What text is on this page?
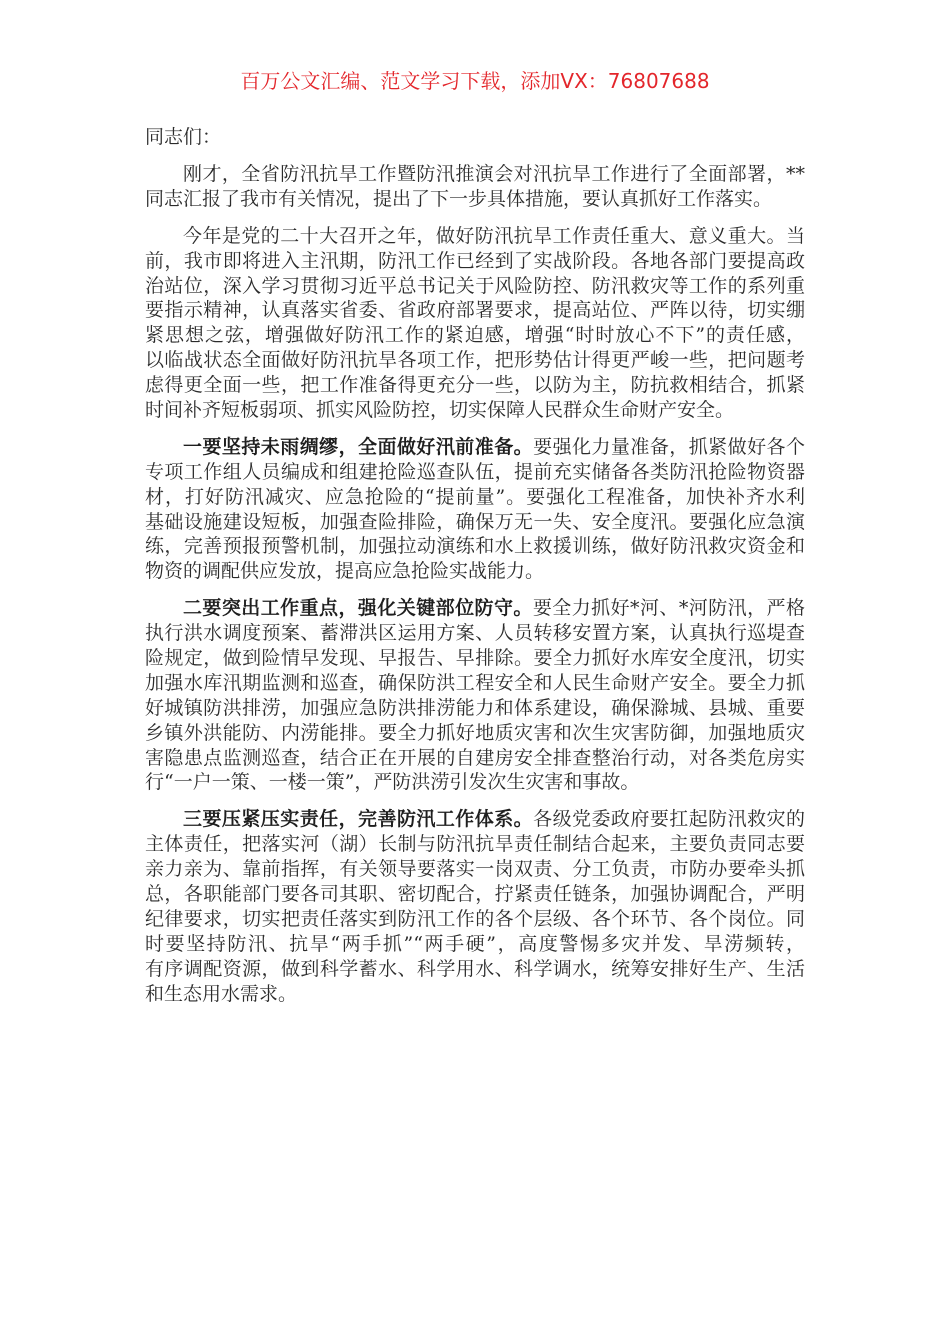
百万公文汇编、范文学习下载，添加VX：76807688
同志们：
刚才，全省防汛抗旱工作暨防汛推演会对汛抗旱工作进行了全面部署，**
同志汇报了我市有关情况，提出了下一步具体措施，要认真抓好工作落实。
今年是党的二十大召开之年，做好防汛抗旱工作责任重大、意义重大。当
前，我市即将进入主汛期，防汛工作已经到了实战阶段。各地各部门要提高政
治站位，深入学习贯彻习近平总书记关于风险防控、防汛救灾等工作的系列重
要指示精神，认真落实省委、省政府部署要求，提高站位、严阵以待，切实绷
紧思想之弦，增强做好防汛工作的紧迫感，增强“时时放心不下”的责任感，
以临战状态全面做好防汛抗旱各项工作，把形势估计得更严峻一些，把问题考
虑得更全面一些，把工作准备得更充分一些，以防为主，防抗救相结合，抓紧
时间补齐短板弱项、抓实风险防控，切实保障人民群众生命财产安全。
一要坚持未雨绸缪，全面做好汛前准备。要强化力量准备，抓紧做好各个
专项工作组人员编成和组建抢险巡查队伍，提前充实储备各类防汛抢险物资器
材，打好防汛减灾、应急抢险的“提前量”。要强化工程准备，加快补齐水利
基础设施建设短板，加强查险排险，确保万无一失、安全度汛。要强化应急演
练，完善预报预警机制，加强拉动演练和水上救援训练，做好防汛救灾资金和
物资的调配供应发放，提高应急抢险实战能力。
二要突出工作重点，强化关键部位防守。要全力抓好*河、*河防汛，严格
执行洪水调度预案、蓄滞洪区运用方案、人员转移安置方案，认真执行巡堤查
险规定，做到险情早发现、早报告、早排除。要全力抓好水库安全度汛，切实
加强水库汛期监测和巡查，确保防洪工程安全和人民生命财产安全。要全力抓
好城镇防洪排涝，加强应急防洪排涝能力和体系建设，确保滁城、县城、重要
乡镇外洪能防、内涝能排。要全力抓好地质灾害和次生灾害防御，加强地质灾
害隐患点监测巡查，结合正在开展的自建房安全排查整治行动，对各类危房实
行“一户一策、一楼一策”，严防洪涝引发次生灾害和事故。
三要压紧压实责任，完善防汛工作体系。各级党委政府要扛起防汛救灾的
主体责任，把落实河（湖）长制与防汛抗旱责任制结合起来，主要负责同志要
亲力亲为、靠前指挥，有关领导要落实一岗双责、分工负责，市防办要牵头抓
总，各职能部门要各司其职、密切配合，拧紧责任链条，加强协调配合，严明
纪律要求，切实把责任落实到防汛工作的各个层级、各个环节、各个岗位。同
时要坚持防汛、抗旱“两手抓”“两手硬”，高度警惕多灾并发、旱涝频转，
有序调配资源，做到科学蓄水、科学用水、科学调水，统筹安排好生产、生活
和生态用水需求。
